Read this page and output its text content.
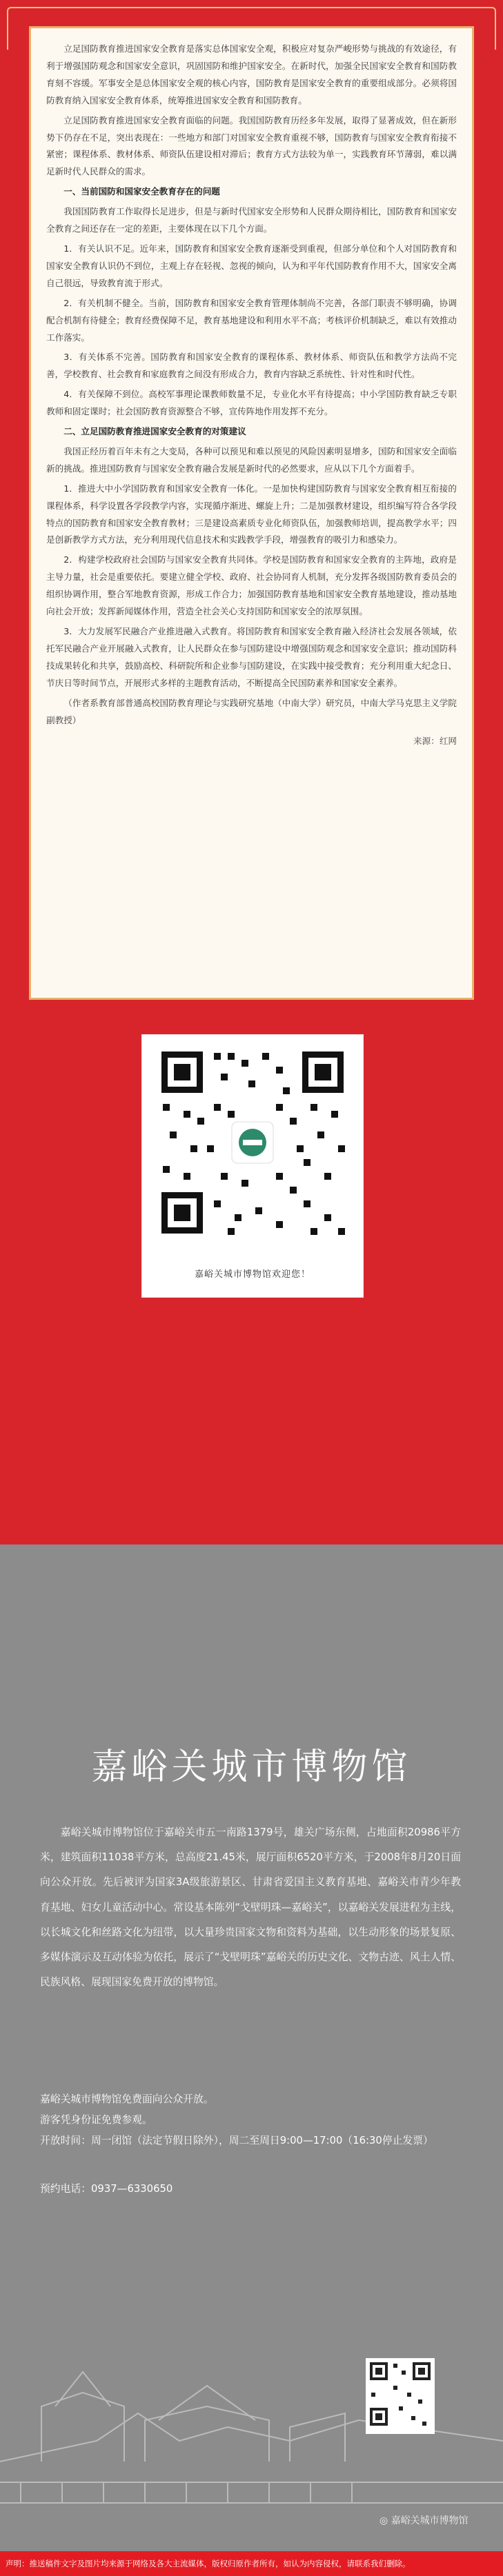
立足国防教育推进国家安全教育是落实总体国家安全观，积极应对复杂严峻形势与挑战的有效途径，有利于增强国防观念和国家安全意识，巩固国防和维护国家安全。在新时代，加强全民国家安全教育和国防教育刻不容缓。军事安全是总体国家安全观的核心内容，国防教育是国家安全教育的重要组成部分。必须将国防教育纳入国家安全教育体系，统筹推进国家安全教育和国防教育。

立足国防教育推进国家安全教育面临的问题。我国国防教育历经多年发展，取得了显著成效，但在新形势下仍存在不足，突出表现在：一些地方和部门对国家安全教育重视不够，国防教育与国家安全教育衔接不紧密；课程体系、教材体系、师资队伍建设相对滞后；教育方式方法较为单一，实践教育环节薄弱，难以满足新时代人民群众的需求。

一、当前国防和国家安全教育存在的问题

我国国防教育工作取得长足进步，但是与新时代国家安全形势和人民群众期待相比，国防教育和国家安全教育之间还存在一定的差距，主要体现在以下几个方面。

1．有关认识不足。近年来，国防教育和国家安全教育逐渐受到重视，但部分单位和个人对国防教育和国家安全教育认识仍不到位，主观上存在轻视、忽视的倾向，认为和平年代国防教育作用不大，国家安全离自己很远，导致教育流于形式。

2．有关机制不健全。当前，国防教育和国家安全教育管理体制尚不完善，各部门职责不够明确，协调配合机制有待健全；教育经费保障不足，教育基地建设和利用水平不高；考核评价机制缺乏，难以有效推动工作落实。

3．有关体系不完善。国防教育和国家安全教育的课程体系、教材体系、师资队伍和教学方法尚不完善，学校教育、社会教育和家庭教育之间没有形成合力，教育内容缺乏系统性、针对性和时代性。

4．有关保障不到位。高校军事理论课教师数量不足，专业化水平有待提高；中小学国防教育缺乏专职教师和固定课时；社会国防教育资源整合不够，宣传阵地作用发挥不充分。

二、立足国防教育推进国家安全教育的对策建议

我国正经历着百年未有之大变局，各种可以预见和难以预见的风险因素明显增多，国防和国家安全面临新的挑战。推进国防教育与国家安全教育融合发展是新时代的必然要求，应从以下几个方面着手。

1．推进大中小学国防教育和国家安全教育一体化。一是加快构建国防教育与国家安全教育相互衔接的课程体系，科学设置各学段教学内容，实现循序渐进、螺旋上升；二是加强教材建设，组织编写符合各学段特点的国防教育和国家安全教育教材；三是建设高素质专业化师资队伍，加强教师培训，提高教学水平；四是创新教学方式方法，充分利用现代信息技术和实践教学手段，增强教育的吸引力和感染力。

2．构建学校政府社会国防与国家安全教育共同体。学校是国防教育和国家安全教育的主阵地，政府是主导力量，社会是重要依托。要建立健全学校、政府、社会协同育人机制，充分发挥各级国防教育委员会的组织协调作用，整合军地教育资源，形成工作合力；加强国防教育基地和国家安全教育基地建设，推动基地向社会开放；发挥新闻媒体作用，营造全社会关心支持国防和国家安全的浓厚氛围。

3．大力发展军民融合产业推进融入式教育。将国防教育和国家安全教育融入经济社会发展各领域，依托军民融合产业开展融入式教育，让人民群众在参与国防建设中增强国防观念和国家安全意识；推动国防科技成果转化和共享，鼓励高校、科研院所和企业参与国防建设，在实践中接受教育；充分利用重大纪念日、节庆日等时间节点，开展形式多样的主题教育活动，不断提高全民国防素养和国家安全素养。

（作者系教育部普通高校国防教育理论与实践研究基地（中南大学）研究员，中南大学马克思主义学院副教授）

来源：红网
嘉峪关城市博物馆欢迎您！
嘉峪关城市博物馆

嘉峪关城市博物馆位于嘉峪关市五一南路1379号，雄关广场东侧，占地面积20986平方米，建筑面积11038平方米，总高度21.45米，展厅面积6520平方米，于2008年8月20日面向公众开放。先后被评为国家3A级旅游景区、甘肃省爱国主义教育基地、嘉峪关市青少年教育基地、妇女儿童活动中心。常设基本陈列“戈壁明珠—嘉峪关”，以嘉峪关发展进程为主线，以长城文化和丝路文化为纽带，以大量珍贵国家文物和资料为基础，以生动形象的场景复原、多媒体演示及互动体验为依托，展示了“戈壁明珠”嘉峪关的历史文化、文物古迹、风土人情、民族风格、展现国家免费开放的博物馆。

嘉峪关城市博物馆免费面向公众开放。
游客凭身份证免费参观。
开放时间：周一闭馆（法定节假日除外），周二至周日9:00—17:00（16:30停止发票）
预约电话：0937—6330650
◎ 嘉峪关城市博物馆
声明：推送稿件文字及图片均来源于网络及各大主流媒体，版权归原作者所有，如认为内容侵权，请联系我们删除。
